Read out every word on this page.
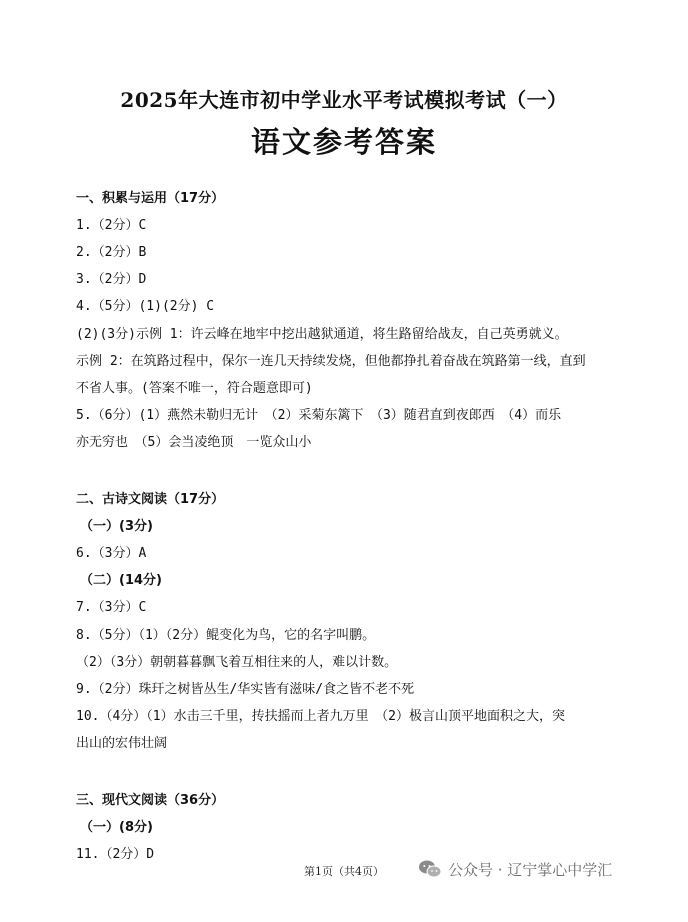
2025年大连市初中学业水平考试模拟考试（一）
语文参考答案
一、积累与运用（17分）
1.（2分）C
2.（2分）B
3.（2分）D
4.（5分）(1)(2分) C
(2)(3分)示例 1：许云峰在地牢中挖出越狱通道，将生路留给战友，自己英勇就义。
示例 2：在筑路过程中，保尔一连几天持续发烧，但他都挣扎着奋战在筑路第一线，直到
不省人事。(答案不唯一，符合题意即可)
5.（6分）(1）燕然未勒归无计　（2）采菊东篱下　（3）随君直到夜郎西　（4）而乐
亦无穷也　（5）会当凌绝顶　一览众山小
二、古诗文阅读（17分）
（一）(3分)
6.（3分）A
（二）(14分)
7.（3分）C
8.（5分）（1）（2分）鲲变化为鸟，它的名字叫鹏。
（2）（3分）朝朝暮暮飘飞着互相往来的人，难以计数。
9.（2分）珠玕之树皆丛生/华实皆有滋味/食之皆不老不死
10.（4分）（1）水击三千里，抟扶摇而上者九万里　（2）极言山顶平地面积之大，突
出山的宏伟壮阔
三、现代文阅读（36分）
（一）(8分)
11.（2分）D
第1页（共4页）	公众号 · 辽宁掌心中学汇
